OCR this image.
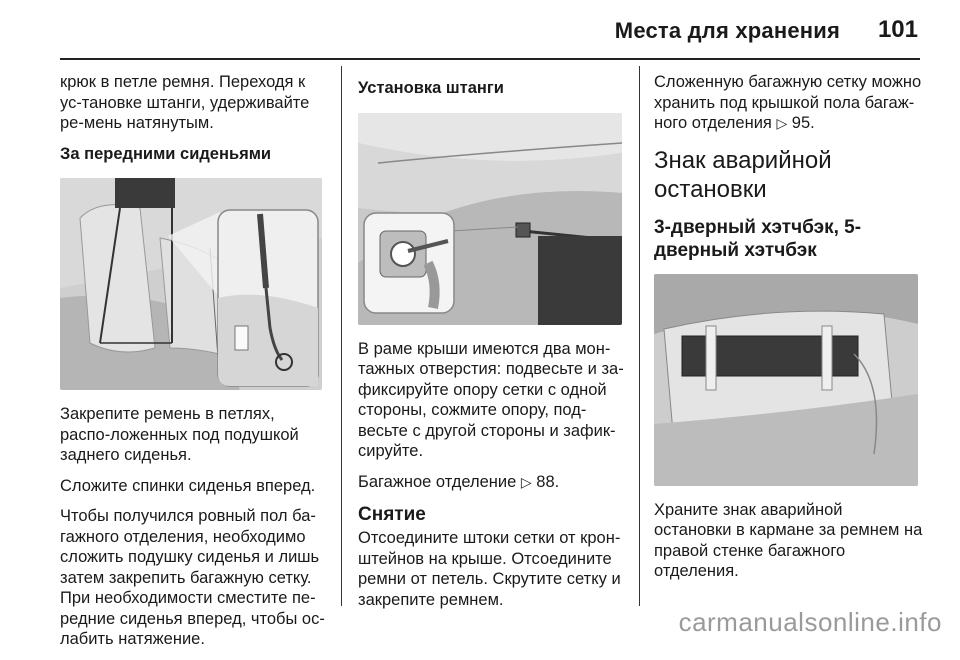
Места для хранения 101

крюк в петле ремня. Переходя к ус-тановке штанги, удерживайте ре-мень натянутым.

За передними сиденьями

Закрепите ремень в петлях, распо-ложенных под подушкой заднего сиденья.

Сложите спинки сиденья вперед.

Чтобы получился ровный пол ба-гажного отделения, необходимо сложить подушку сиденья и лишь затем закрепить багажную сетку. При необходимости сместите пе-редние сиденья вперед, чтобы ос-лабить натяжение.

Установка штанги

В раме крыши имеются два мон-тажных отверстия: подвесьте и за-фиксируйте опору сетки с одной стороны, сожмите опору, под-весьте с другой стороны и зафик-сируйте.

Багажное отделение ▷ 88.

Снятие

Отсоедините штоки сетки от крон-штейнов на крыше. Отсоедините ремни от петель. Скрутите сетку и закрепите ремнем.

Сложенную багажную сетку можно хранить под крышкой пола багаж-ного отделения ▷ 95.

Знак аварийной остановки
3-дверный хэтчбэк, 5-дверный хэтчбэк

Храните знак аварийной остановки в кармане за ремнем на правой стенке багажного отделения.

carmanualsonline.info
